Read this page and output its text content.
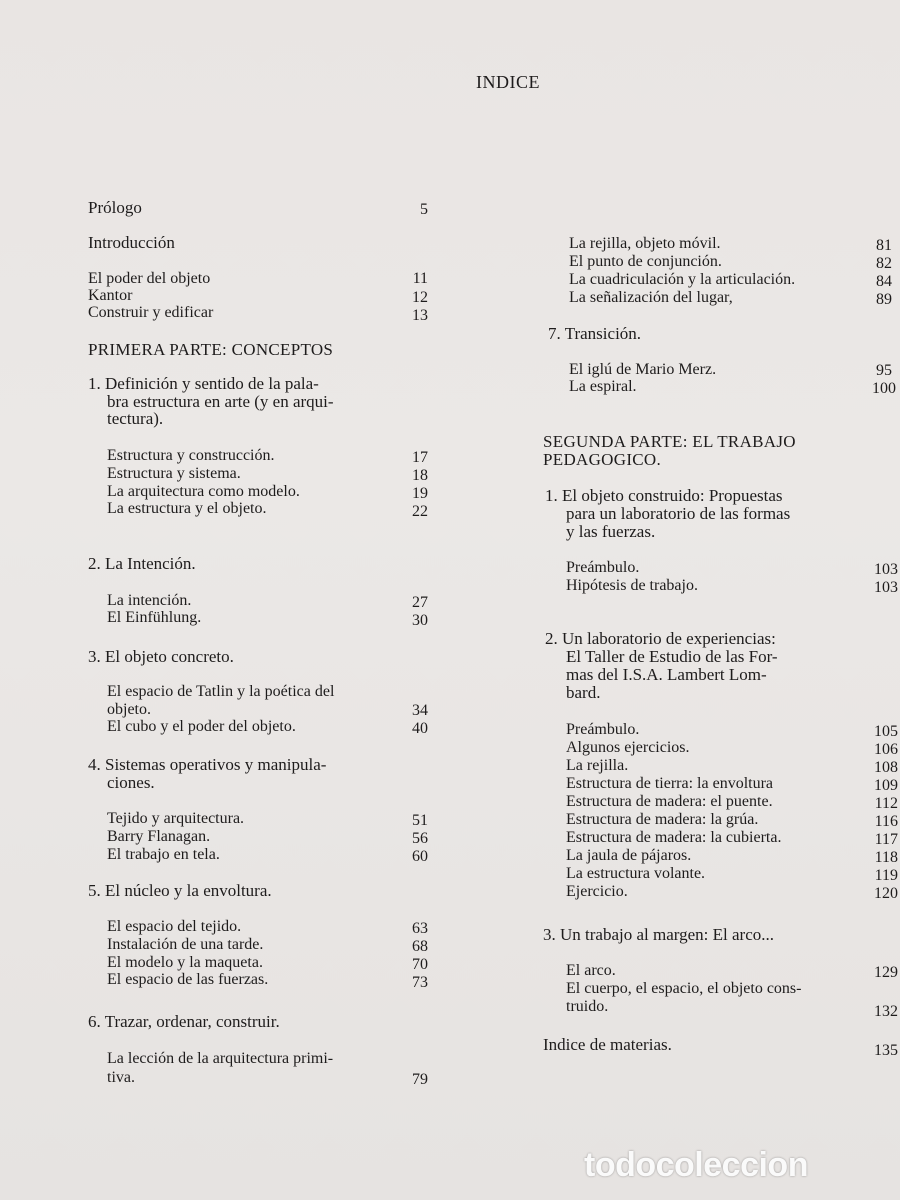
INDICE
Prólogo	5
Introducción
El poder del objeto	11
Kantor	12
Construir y edificar	13
PRIMERA PARTE: CONCEPTOS
1. Definición y sentido de la pala-
bra estructura en arte (y en arqui-
tectura).
Estructura y construcción.	17
Estructura y sistema.	18
La arquitectura como modelo.	19
La estructura y el objeto.	22
2. La Intención.
La intención.	27
El Einfühlung.	30
3. El objeto concreto.
El espacio de Tatlin y la poética del
objeto.	34
El cubo y el poder del objeto.	40
4. Sistemas operativos y manipula-
ciones.
Tejido y arquitectura.	51
Barry Flanagan.	56
El trabajo en tela.	60
5. El núcleo y la envoltura.
El espacio del tejido.	63
Instalación de una tarde.	68
El modelo y la maqueta.	70
El espacio de las fuerzas.	73
6. Trazar, ordenar, construir.
La lección de la arquitectura primi-
tiva.	79
La rejilla, objeto móvil.	81
El punto de conjunción.	82
La cuadriculación y la articulación.	84
La señalización del lugar,	89
7. Transición.
El iglú de Mario Merz.	95
La espiral.	100
SEGUNDA PARTE: EL TRABAJO
PEDAGOGICO.
1. El objeto construido: Propuestas
para un laboratorio de las formas
y las fuerzas.
Preámbulo.	103
Hipótesis de trabajo.	103
2. Un laboratorio de experiencias:
El Taller de Estudio de las For-
mas del I.S.A. Lambert Lom-
bard.
Preámbulo.	105
Algunos ejercicios.	106
La rejilla.	108
Estructura de tierra: la envoltura	109
Estructura de madera: el puente.	112
Estructura de madera: la grúa.	116
Estructura de madera: la cubierta.	117
La jaula de pájaros.	118
La estructura volante.	119
Ejercicio.	120
3. Un trabajo al margen: El arco...
El arco.	129
El cuerpo, el espacio, el objeto cons-
truido.	132
Indice de materias.	135
todocoleccion
